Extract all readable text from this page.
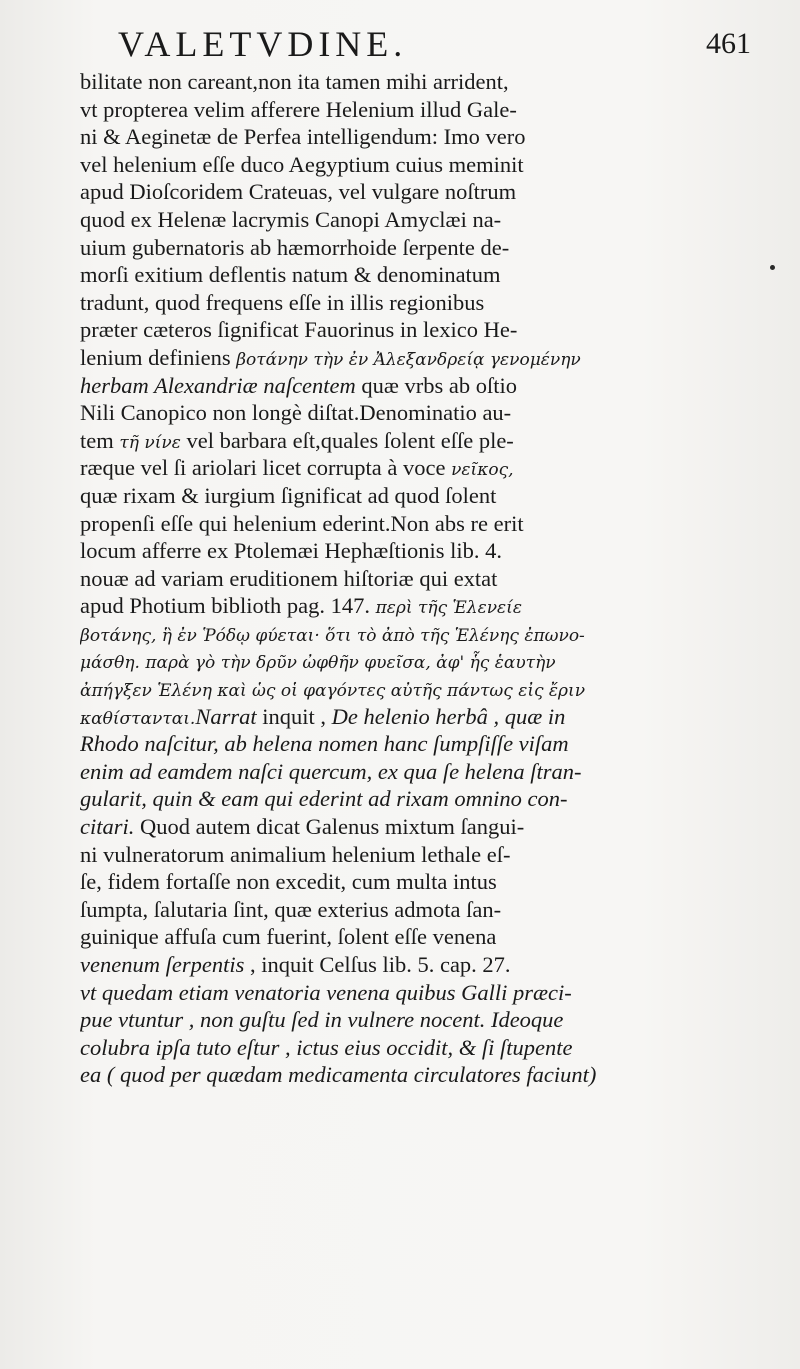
VALETVDINE.	461
bilitate non careant,non ita tamen mihi arrident,
vt propterea velim afferere Helenium illud Gale-
ni & Aeginetæ de Perfea intelligendum: Imo vero
vel helenium eſſe duco Aegyptium cuius meminit
apud Dioſcoridem Crateuas, vel vulgare noſtrum
quod ex Helenæ lacrymis Canopi Amyclæi na-
uium gubernatoris ab hæmorrhoide ſerpente de-
morſi exitium deflentis natum & denominatum
tradunt, quod frequens eſſe in illis regionibus
præter cæteros ſignificat Fauorinus in lexico He-
lenium definiens βοτάνην τὴν ἐν Ἀλεξανδρείᾳ γενομένην
herbam Alexandriæ naſcentem quæ vrbs ab oſtio
Nili Canopico non longè diſtat.Denominatio au-
tem τῆ νίνε vel barbara eſt,quales ſolent eſſe ple-
ræque vel ſi ariolari licet corrupta à voce νεῖκος,
quæ rixam & iurgium ſignificat ad quod ſolent
propenſi eſſe qui helenium ederint.Non abs re erit
locum afferre ex Ptolemæi Hephæſtionis lib. 4.
nouæ ad variam eruditionem hiſtoriæ qui extat
apud Photium biblioth pag. 147. περὶ τῆς Ἑλενείε
βοτάνης, ἣ ἐν Ῥόδῳ φύεται· ὅτι τὸ ἀπὸ τῆς Ἑλένης ἐπωνο-
μάσθη. παρὰ γὸ τὴν δρῦν ὠφθῆν φυεῖσα, ἀφ' ἧς ἑαυτὴν
ἀπήγξεν Ἑλένη καὶ ὡς οἱ φαγόντες αὐτῆς πάντως εἰς ἔριν
καθίστανται.Narrat inquit , De helenio herbâ , quæ in
Rhodo naſcitur, ab helena nomen hanc ſumpſiſſe viſam
enim ad eamdem naſci quercum, ex qua ſe helena ſtran-
gularit, quin & eam qui ederint ad rixam omnino con-
citari. Quod autem dicat Galenus mixtum ſangui-
ni vulneratorum animalium helenium lethale eſ-
ſe, fidem fortaſſe non excedit, cum multa intus
ſumpta, ſalutaria ſint, quæ exterius admota ſan-
guinique affuſa cum fuerint, ſolent eſſe venena
venenum ſerpentis , inquit Celſus lib. 5. cap. 27.
vt quedam etiam venatoria venena quibus Galli præci-
pue vtuntur , non guſtu ſed in vulnere nocent. Ideoque
colubra ipſa tuto eſtur , ictus eius occidit, & ſi ſtupente
ea ( quod per quædam medicamenta circulatores faciunt)
